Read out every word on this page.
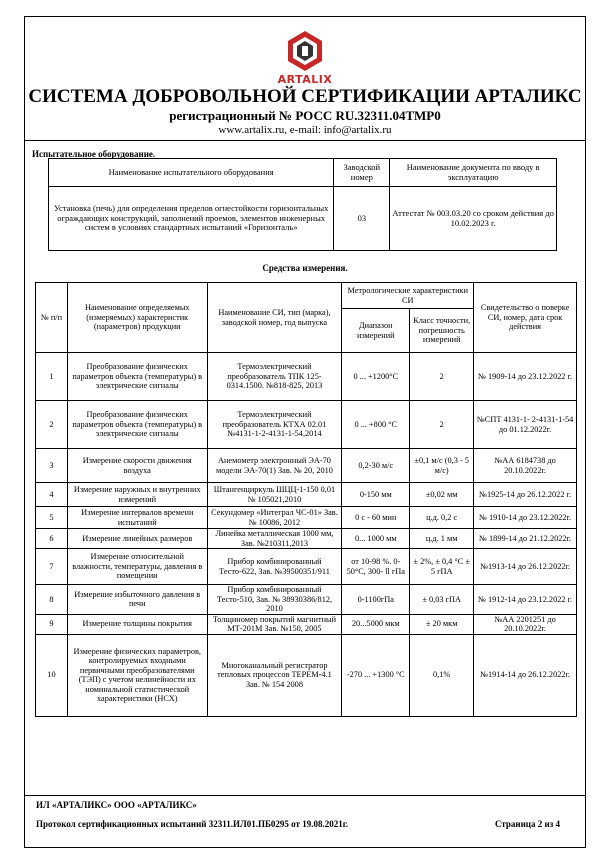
ARTALIX
СИСТЕМА ДОБРОВОЛЬНОЙ СЕРТИФИКАЦИИ АРТАЛИКС
регистрационный № РОСС RU.32311.04ТМР0
www.artalix.ru, e-mail: info@artalix.ru
Испытательное оборудование.
Наименование испытательного оборудования	Заводской номер	Наименование документа по вводу в эксплуатацию
Установка (печь) для определения пределов огнестойкости горизонтальных ограждающих конструкций, заполнений проемов, элементов инженерных систем в условиях стандартных испытаний «Горизонталь»	03	Аттестат № 003.03.20 со сроком действия до 10.02.2023 г.
Средства измерения.
№ п/п	Наименование определяемых (измеряемых) характеристик (параметров) продукции	Наименование СИ, тип (марка), заводской номер, год выпуска	Метрологические характеристики СИ		Свидетельство о поверке СИ, номер, дата срок действия
			Диапазон измерений	Класс точности, погрешность измерений	
1	Преобразование физических параметров объекта (температуры) в электрические сигналы	Термоэлектрический преобразователь ТПК 125-0314.1500. №818-825, 2013	0 ... +1200°С	2	№ 1909-14 до 23.12.2022 г.
2	Преобразование физических параметров объекта (температуры) в электрические сигналы	Термоэлектрический преобразователь КТХА 02.01 №4131-1-2-4131-1-54,2014	0 ... +800 °С	2	№СПТ 4131-1- 2-4131-1-54 до 01.12.2022г.
3	Измерение скорости движения воздуха	Анемометр электронный ЭА-70 модели ЭА-70(1) Зав. № 20, 2010	0,2-30 м/с	±0,1 м/с (0,3 - 5 м/с)	№АА 6184738 до 20.10.2022г.
4	Измерение наружных и внутренних измерений	Штангенциркуль ШЦЦ-1-150 0,01 № 105021,2010	0-150 мм	±0,02 мм	№1925-14 до 26.12.2022 г.
5	Измерение интервалов времени испытаний	Секундомер «Интеграл ЧС-01» Зав. № 10086, 2012	0 с - 60 мин	ц.д. 0,2 с	№ 1910-14 до 23.12.2022г.
6	Измерение линейных размеров	Линейка металлическая 1000 мм, Зав. №210311,2013	0... 1000 мм	ц.д. 1 мм	№ 1899-14 до 21.12.2022г.
7	Измерение относительной влажности, температуры, давления в помещении	Прибор комбинированный Тесто-622, Зав. №39500351/911	от 10-98 %. 0-50°С, 300- ll гПа	± 2%, ± 0,4 °С ± 5 гПА	№1913-14 до 26.12.2022г.
8	Измерение избыточного давления в печи	Прибор комбинированный Тесто-510, Зав. № 38930386/812, 2010	0-1100гПа	± 0,03 гПА	№ 1912-14 до 23.12.2022 г.
9	Измерение толщины покрытия	Толщиномер покрытий магнитный МТ-201М Зав. №150, 2005	20...5000 мкм	± 20 мкм	№АА 2201251 до 20.10.2022г.
10	Измерение физических параметров, контролируемых входными первичными преобразователями (ТЭП) с учетом нелинейности их номинальной статистической характеристики (НСХ)	Многоканальный регистратор тепловых процессов ТЕРЕМ-4.1 Зав. № 154 2008	-270 ... +1300 °С	0,1%	№1914-14 до 26.12.2022г.
ИЛ «АРТАЛИКС» ООО «АРТАЛИКС»
Протокол сертификационных испытаний 32311.ИЛ01.ПБ0295 от 19.08.2021г.	Страница 2 из 4
